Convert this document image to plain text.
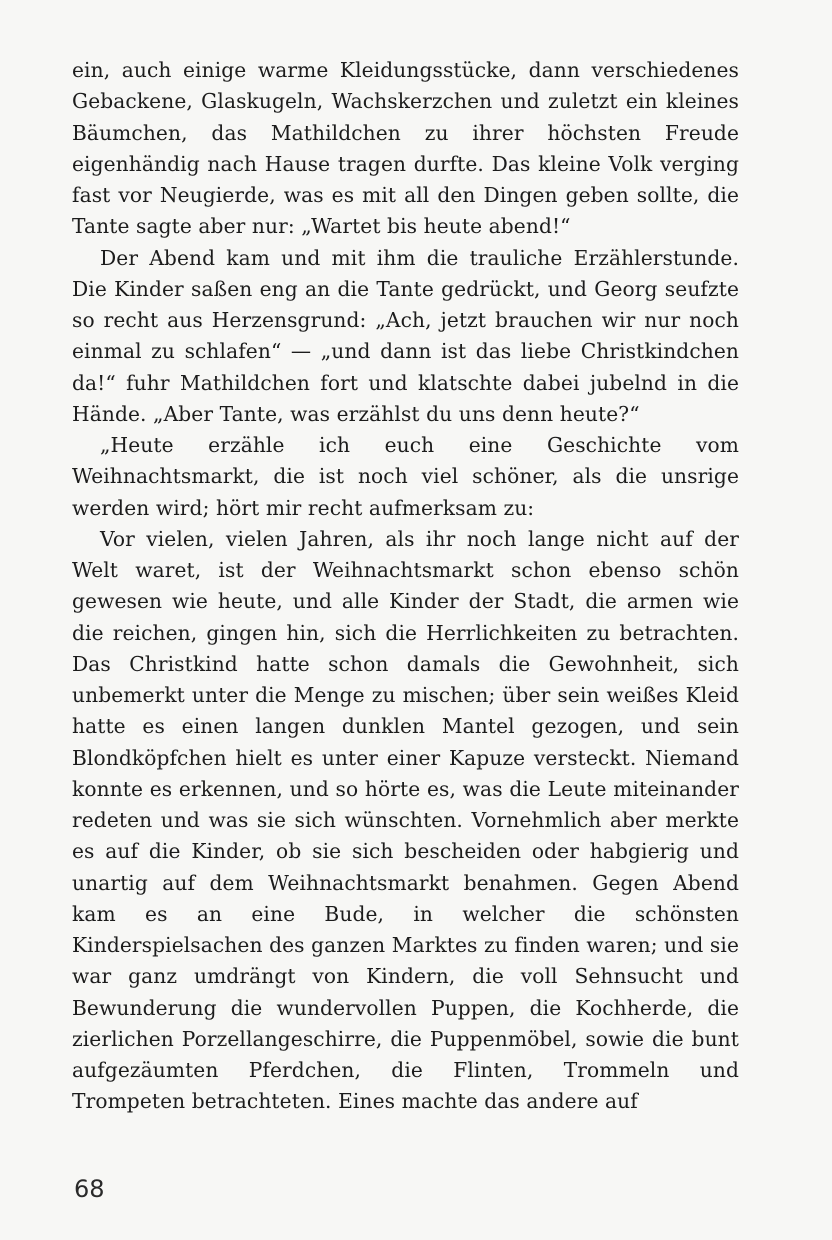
ein, auch einige warme Kleidungsstücke, dann verschiedenes Gebackene, Glaskugeln, Wachskerzchen und zuletzt ein kleines Bäumchen, das Mathildchen zu ihrer höchsten Freude eigenhändig nach Hause tragen durfte. Das kleine Volk verging fast vor Neugierde, was es mit all den Dingen geben sollte, die Tante sagte aber nur: „Wartet bis heute abend!“

Der Abend kam und mit ihm die trauliche Erzählerstunde. Die Kinder saßen eng an die Tante gedrückt, und Georg seufzte so recht aus Herzensgrund: „Ach, jetzt brauchen wir nur noch einmal zu schlafen“ — „und dann ist das liebe Christkindchen da!“ fuhr Mathildchen fort und klatschte dabei jubelnd in die Hände. „Aber Tante, was erzählst du uns denn heute?“

„Heute erzähle ich euch eine Geschichte vom Weihnachtsmarkt, die ist noch viel schöner, als die unsrige werden wird; hört mir recht aufmerksam zu:

Vor vielen, vielen Jahren, als ihr noch lange nicht auf der Welt waret, ist der Weihnachtsmarkt schon ebenso schön gewesen wie heute, und alle Kinder der Stadt, die armen wie die reichen, gingen hin, sich die Herrlichkeiten zu betrachten. Das Christkind hatte schon damals die Gewohnheit, sich unbemerkt unter die Menge zu mischen; über sein weißes Kleid hatte es einen langen dunklen Mantel gezogen, und sein Blondköpfchen hielt es unter einer Kapuze versteckt. Niemand konnte es erkennen, und so hörte es, was die Leute miteinander redeten und was sie sich wünschten. Vornehmlich aber merkte es auf die Kinder, ob sie sich bescheiden oder habgierig und unartig auf dem Weihnachtsmarkt benahmen. Gegen Abend kam es an eine Bude, in welcher die schönsten Kinderspielsachen des ganzen Marktes zu finden waren; und sie war ganz umdrängt von Kindern, die voll Sehnsucht und Bewunderung die wundervollen Puppen, die Kochherde, die zierlichen Porzellangeschirre, die Puppenmöbel, sowie die bunt aufgezäumten Pferdchen, die Flinten, Trommeln und Trompeten betrachteten. Eines machte das andere auf

68
